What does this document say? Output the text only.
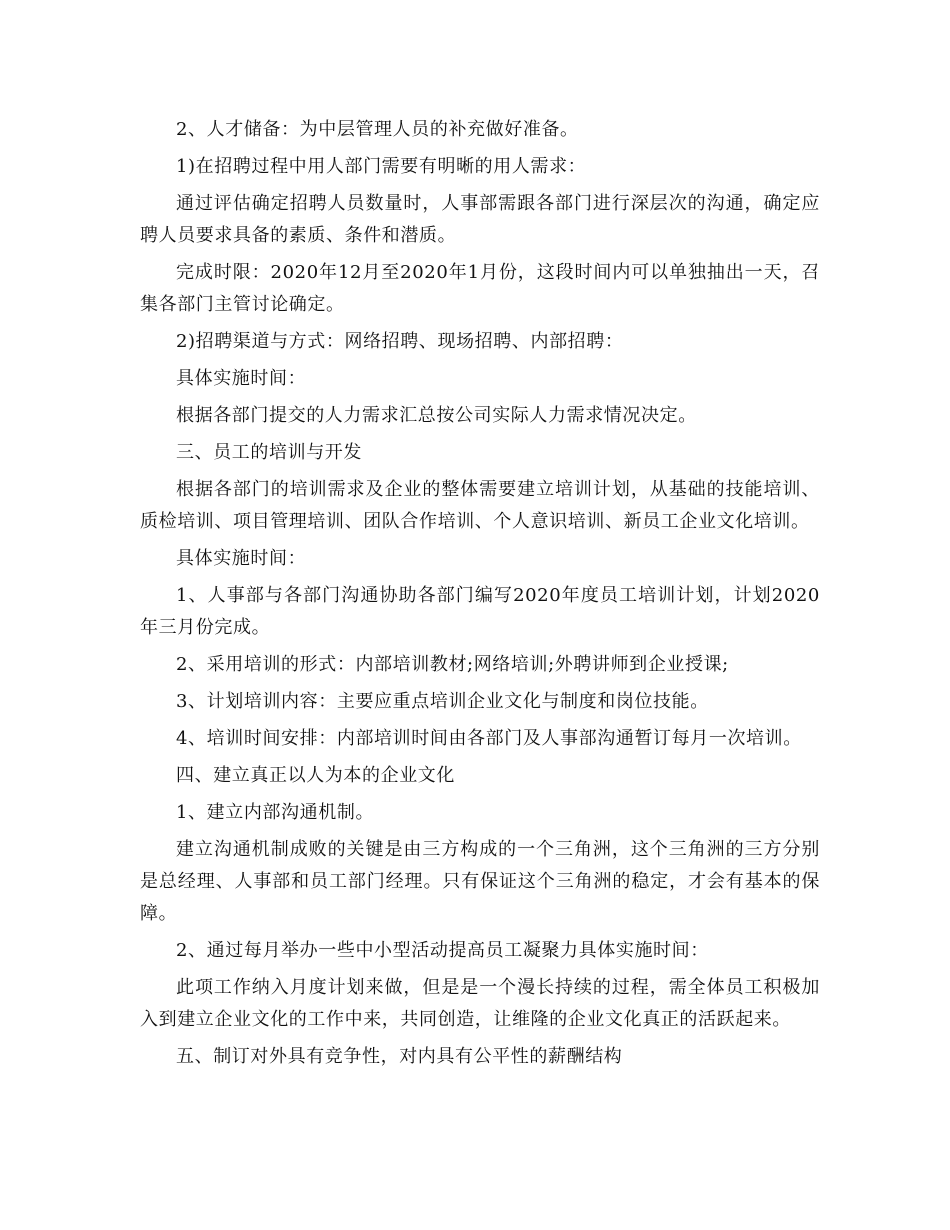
2、人才储备：为中层管理人员的补充做好准备。

1)在招聘过程中用人部门需要有明晰的用人需求：

通过评估确定招聘人员数量时，人事部需跟各部门进行深层次的沟通，确定应聘人员要求具备的素质、条件和潜质。

完成时限：2020年12月至2020年1月份，这段时间内可以单独抽出一天，召集各部门主管讨论确定。

2)招聘渠道与方式：网络招聘、现场招聘、内部招聘：

具体实施时间：

根据各部门提交的人力需求汇总按公司实际人力需求情况决定。

三、员工的培训与开发

根据各部门的培训需求及企业的整体需要建立培训计划，从基础的技能培训、质检培训、项目管理培训、团队合作培训、个人意识培训、新员工企业文化培训。

具体实施时间：

1、人事部与各部门沟通协助各部门编写2020年度员工培训计划，计划2020年三月份完成。

2、采用培训的形式：内部培训教材;网络培训;外聘讲师到企业授课;

3、计划培训内容：主要应重点培训企业文化与制度和岗位技能。

4、培训时间安排：内部培训时间由各部门及人事部沟通暂订每月一次培训。

四、建立真正以人为本的企业文化

1、建立内部沟通机制。

建立沟通机制成败的关键是由三方构成的一个三角洲，这个三角洲的三方分别是总经理、人事部和员工部门经理。只有保证这个三角洲的稳定，才会有基本的保障。

2、通过每月举办一些中小型活动提高员工凝聚力具体实施时间：

此项工作纳入月度计划来做，但是是一个漫长持续的过程，需全体员工积极加入到建立企业文化的工作中来，共同创造，让维隆的企业文化真正的活跃起来。

五、制订对外具有竞争性，对内具有公平性的薪酬结构
